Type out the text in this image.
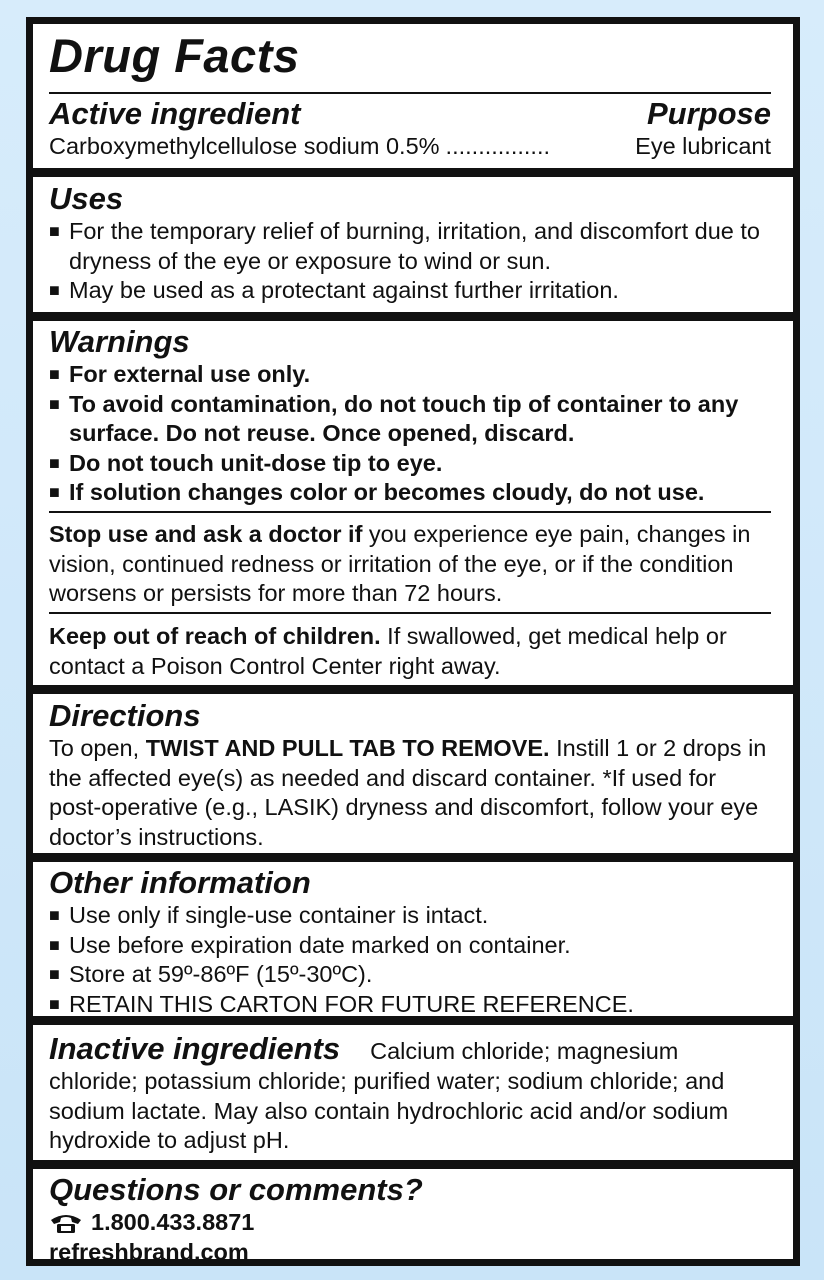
Drug Facts
Active ingredient	Purpose
Carboxymethylcellulose sodium 0.5% ................	Eye lubricant
Uses
■ For the temporary relief of burning, irritation, and discomfort due to dryness of the eye or exposure to wind or sun.
■ May be used as a protectant against further irritation.
Warnings
■ For external use only.
■ To avoid contamination, do not touch tip of container to any surface. Do not reuse. Once opened, discard.
■ Do not touch unit-dose tip to eye.
■ If solution changes color or becomes cloudy, do not use.
Stop use and ask a doctor if you experience eye pain, changes in vision, continued redness or irritation of the eye, or if the condition worsens or persists for more than 72 hours.
Keep out of reach of children. If swallowed, get medical help or contact a Poison Control Center right away.
Directions
To open, TWIST AND PULL TAB TO REMOVE. Instill 1 or 2 drops in the affected eye(s) as needed and discard container. *If used for post-operative (e.g., LASIK) dryness and discomfort, follow your eye doctor’s instructions.
Other information
■ Use only if single-use container is intact.
■ Use before expiration date marked on container.
■ Store at 59º-86ºF (15º-30ºC).
■ RETAIN THIS CARTON FOR FUTURE REFERENCE.
Inactive ingredients Calcium chloride; magnesium chloride; potassium chloride; purified water; sodium chloride; and sodium lactate. May also contain hydrochloric acid and/or sodium hydroxide to adjust pH.
Questions or comments?
1.800.433.8871
refreshbrand.com
